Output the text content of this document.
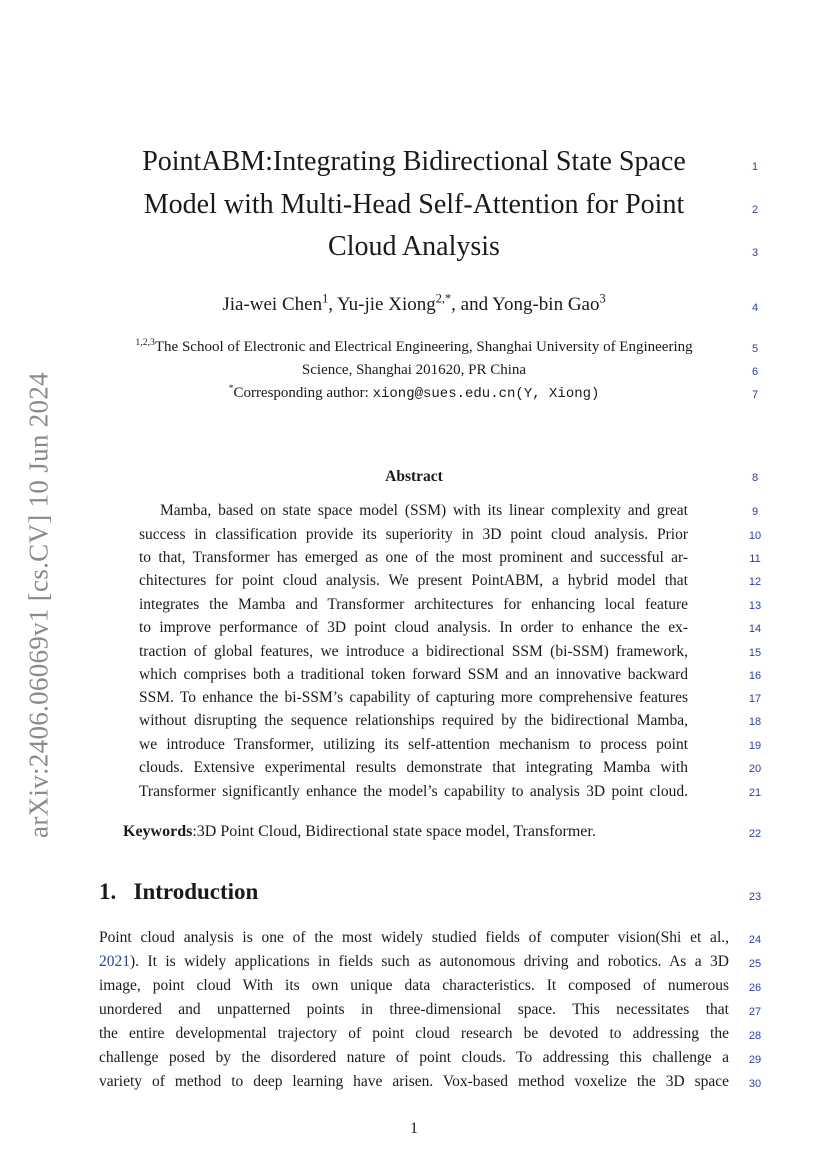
arXiv:2406.06069v1 [cs.CV] 10 Jun 2024
PointABM:Integrating Bidirectional State Space
Model with Multi-Head Self-Attention for Point
Cloud Analysis
Jia-wei Chen$^1$, Yu-jie Xiong$^{2,*}$, and Yong-bin Gao$^3$
$^{1,2,3}$The School of Electronic and Electrical Engineering, Shanghai University of Engineering
Science, Shanghai 201620, PR China
*Corresponding author: xiong@sues.edu.cn(Y, Xiong)
Abstract
Mamba, based on state space model (SSM) with its linear complexity and great
success in classification provide its superiority in 3D point cloud analysis. Prior
to that, Transformer has emerged as one of the most prominent and successful ar-
chitectures for point cloud analysis. We present PointABM, a hybrid model that
integrates the Mamba and Transformer architectures for enhancing local feature
to improve performance of 3D point cloud analysis. In order to enhance the ex-
traction of global features, we introduce a bidirectional SSM (bi-SSM) framework,
which comprises both a traditional token forward SSM and an innovative backward
SSM. To enhance the bi-SSM’s capability of capturing more comprehensive features
without disrupting the sequence relationships required by the bidirectional Mamba,
we introduce Transformer, utilizing its self-attention mechanism to process point
clouds. Extensive experimental results demonstrate that integrating Mamba with
Transformer significantly enhance the model’s capability to analysis 3D point cloud.
Keywords:3D Point Cloud, Bidirectional state space model, Transformer.
1. Introduction
Point cloud analysis is one of the most widely studied fields of computer vision(Shi et al.,
2021). It is widely applications in fields such as autonomous driving and robotics. As a 3D
image, point cloud With its own unique data characteristics. It composed of numerous
unordered and unpatterned points in three-dimensional space. This necessitates that
the entire developmental trajectory of point cloud research be devoted to addressing the
challenge posed by the disordered nature of point clouds. To addressing this challenge a
variety of method to deep learning have arisen. Vox-based method voxelize the 3D space
1
2
3
4
5
6
7
8
9
10
11
12
13
14
15
16
17
18
19
20
21
22
23
24
25
26
27
28
29
30
1
